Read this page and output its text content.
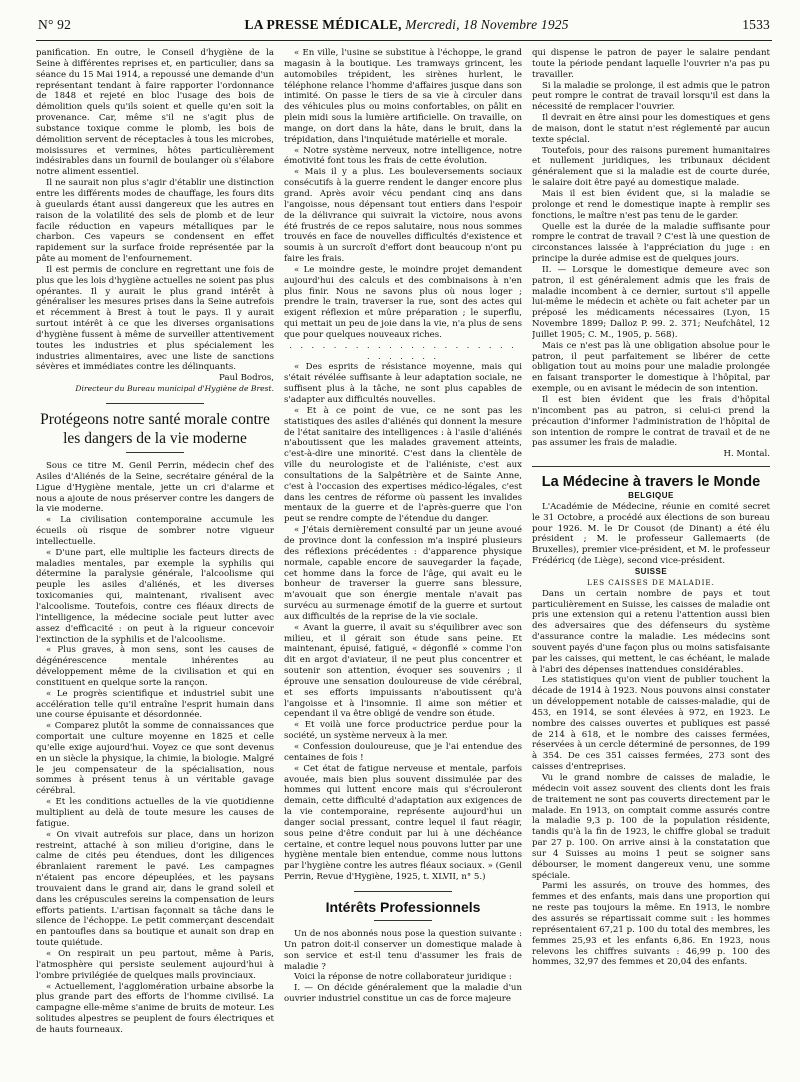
N° 92	LA PRESSE MÉDICALE, Mercredi, 18 Novembre 1925	1533

panification. En outre, le Conseil d'hygiène de la Seine à différentes reprises et, en particulier, dans sa séance du 15 Mai 1914, a repoussé une demande d'un représentant tendant à faire rapporter l'ordonnance de 1848 et rejeté en bloc l'usage des bois de démolition quels qu'ils soient et quelle qu'en soit la provenance. Car, même s'il ne s'agit plus de substance toxique comme le plomb, les bois de démolition servent de réceptacles à tous les microbes, moisissures et vermines, hôtes particulièrement indésirables dans un fournil de boulanger où s'élabore notre aliment essentiel.

Il ne saurait non plus s'agir d'établir une distinction entre les différents modes de chauffage, les fours dits à gueulards étant aussi dangereux que les autres en raison de la volatilité des sels de plomb et de leur facile réduction en vapeurs métalliques par le charbon. Ces vapeurs se condensent en effet rapidement sur la surface froide représentée par la pâte au moment de l'enfournement.

Il est permis de conclure en regrettant une fois de plus que les lois d'hygiène actuelles ne soient pas plus opérantes. Il y aurait le plus grand intérêt à généraliser les mesures prises dans la Seine autrefois et récemment à Brest à tout le pays. Il y aurait surtout intérêt à ce que les diverses organisations d'hygiène fussent à même de surveiller attentivement toutes les industries et plus spécialement les industries alimentaires, avec une liste de sanctions sévères et immédiates contre les délinquants.

Paul Bodros,

Directeur du Bureau municipal d'Hygiène de Brest.

Protégeons notre santé morale contre les dangers de la vie moderne

Sous ce titre M. Genil Perrin, médecin chef des Asiles d'Aliénés de la Seine, secrétaire général de la Ligue d'Hygiène mentale, jette un cri d'alarme et nous a ajoute de nous préserver contre les dangers de la vie moderne.

« La civilisation contemporaine accumule les écueils où risque de sombrer notre vigueur intellectuelle.

« D'une part, elle multiplie les facteurs directs de maladies mentales, par exemple la syphilis qui détermine la paralysie générale, l'alcoolisme qui peuple les asiles d'aliénés, et les diverses toxicomanies qui, maintenant, rivalisent avec l'alcoolisme. Toutefois, contre ces fléaux directs de l'intelligence, la médecine sociale peut lutter avec assez d'efficacité : on peut à la rigueur concevoir l'extinction de la syphilis et de l'alcoolisme.

« Plus graves, à mon sens, sont les causes de dégénérescence mentale inhérentes au développement même de la civilisation et qui en constituent en quelque sorte la rançon.

« Le progrès scientifique et industriel subit une accélération telle qu'il entraîne l'esprit humain dans une course épuisante et désordonnée.

« Comparez plutôt la somme de connaissances que comportait une culture moyenne en 1825 et celle qu'elle exige aujourd'hui. Voyez ce que sont devenus en un siècle la physique, la chimie, la biologie. Malgré le jeu compensateur de la spécialisation, nous sommes à présent tenus à un véritable gavage cérébral.

« Et les conditions actuelles de la vie quotidienne multiplient au delà de toute mesure les causes de fatigue.

« On vivait autrefois sur place, dans un horizon restreint, attaché à son milieu d'origine, dans le calme de cités peu étendues, dont les diligences ébranlaient rarement le pavé. Les campagnes n'étaient pas encore dépeuplées, et les paysans trouvaient dans le grand air, dans le grand soleil et dans les crépuscules sereins la compensation de leurs efforts patients. L'artisan façonnait sa tâche dans le silence de l'échoppe. Le petit commerçant descendait en pantoufles dans sa boutique et aunait son drap en toute quiétude.

« On respirait un peu partout, même à Paris, l'atmosphère qui persiste seulement aujourd'hui à l'ombre privilégiée de quelques mails provinciaux.

« Actuellement, l'agglomération urbaine absorbe la plus grande part des efforts de l'homme civilisé. La campagne elle-même s'anime de bruits de moteur. Les solitudes alpestres se peuplent de fours électriques et de hauts fourneaux.

« En ville, l'usine se substitue à l'échoppe, le grand magasin à la boutique. Les tramways grincent, les automobiles trépident, les sirènes hurlent, le téléphone relance l'homme d'affaires jusque dans son intimité. On passe le tiers de sa vie à circuler dans des véhicules plus ou moins confortables, on pâlit en plein midi sous la lumière artificielle. On travaille, on mange, on dort dans la hâte, dans le bruit, dans la trépidation, dans l'inquiétude matérielle et morale.

« Notre système nerveux, notre intelligence, notre émotivité font tous les frais de cette évolution.

« Mais il y a plus. Les bouleversements sociaux consécutifs à la guerre rendent le danger encore plus grand. Après avoir vécu pendant cinq ans dans l'angoisse, nous dépensant tout entiers dans l'espoir de la délivrance qui suivrait la victoire, nous avons été frustrés de ce repos salutaire, nous nous sommes trouvés en face de nouvelles difficultés d'existence et soumis à un surcroît d'effort dont beaucoup n'ont pu faire les frais.

« Le moindre geste, le moindre projet demandent aujourd'hui des calculs et des combinaisons à n'en plus finir. Nous ne savons plus où nous loger ; prendre le train, traverser la rue, sont des actes qui exigent réflexion et mûre préparation ; le superflu, qui mettait un peu de joie dans la vie, n'a plus de sens que pour quelques nouveaux riches.

. . . . . . . . . . . . . . . . . . . . . . . . . . . .

« Des esprits de résistance moyenne, mais qui s'était révélée suffisante à leur adaptation sociale, ne suffisent plus à la tâche, ne sont plus capables de s'adapter aux difficultés nouvelles.

« Et à ce point de vue, ce ne sont pas les statistiques des asiles d'aliénés qui donnent la mesure de l'état sanitaire des intelligences : à l'asile d'aliénés n'aboutissent que les malades gravement atteints, c'est-à-dire une minorité. C'est dans la clientèle de ville du neurologiste et de l'aliéniste, c'est aux consultations de la Salpêtrière et de Sainte Anne, c'est à l'occasion des expertises médico-légales, c'est dans les centres de réforme où passent les invalides mentaux de la guerre et de l'après-guerre que l'on peut se rendre compte de l'étendue du danger.

« J'étais dernièrement consulté par un jeune avoué de province dont la confession m'a inspiré plusieurs des réflexions précédentes : d'apparence physique normale, capable encore de sauvegarder la façade, cet homme dans la force de l'âge, qui avait eu le bonheur de traverser la guerre sans blessure, m'avouait que son énergie mentale n'avait pas survécu au surmenage émotif de la guerre et surtout aux difficultés de la reprise de la vie sociale.

« Avant la guerre, il avait su s'équilibrer avec son milieu, et il gérait son étude sans peine. Et maintenant, épuisé, fatigué, « dégonflé » comme l'on dit en argot d'aviateur, il ne peut plus concentrer et soutenir son attention, évoquer ses souvenirs ; il éprouve une sensation douloureuse de vide cérébral, et ses efforts impuissants n'aboutissent qu'à l'angoisse et à l'insomnie. Il aime son métier et cependant il va être obligé de vendre son étude.

« Et voilà une force productrice perdue pour la société, un système nerveux à la mer.

« Confession douloureuse, que je l'ai entendue des centaines de fois !

« Cet état de fatigue nerveuse et mentale, parfois avouée, mais bien plus souvent dissimulée par des hommes qui luttent encore mais qui s'écrouleront demain, cette difficulté d'adaptation aux exigences de la vie contemporaine, représente aujourd'hui un danger social pressant, contre lequel il faut réagir, sous peine d'être conduit par lui à une déchéance certaine, et contre lequel nous pouvons lutter par une hygiène mentale bien entendue, comme nous luttons par l'hygiène contre les autres fléaux sociaux. » (Genil Perrin, Revue d'Hygiène, 1925, t. XLVII, n° 5.)

Intérêts Professionnels

Un de nos abonnés nous pose la question suivante : Un patron doit-il conserver un domestique malade à son service et est-il tenu d'assumer les frais de maladie ?

Voici la réponse de notre collaborateur juridique :

I. — On décide généralement que la maladie d'un ouvrier industriel constitue un cas de force majeure

qui dispense le patron de payer le salaire pendant toute la période pendant laquelle l'ouvrier n'a pas pu travailler.

Si la maladie se prolonge, il est admis que le patron peut rompre le contrat de travail lorsqu'il est dans la nécessité de remplacer l'ouvrier.

Il devrait en être ainsi pour les domestiques et gens de maison, dont le statut n'est réglementé par aucun texte spécial.

Toutefois, pour des raisons purement humanitaires et nullement juridiques, les tribunaux décident généralement que si la maladie est de courte durée, le salaire doit être payé au domestique malade.

Mais il est bien évident que, si la maladie se prolonge et rend le domestique inapte à remplir ses fonctions, le maître n'est pas tenu de le garder.

Quelle est la durée de la maladie suffisante pour rompre le contrat de travail ? C'est là une question de circonstances laissée à l'appréciation du juge : en principe la durée admise est de quelques jours.

II. — Lorsque le domestique demeure avec son patron, il est généralement admis que les frais de maladie incombent à ce dernier, surtout s'il appelle lui-même le médecin et achète ou fait acheter par un préposé les médicaments nécessaires (Lyon, 15 Novembre 1899; Dalloz P. 99. 2. 371; Neufchâtel, 12 Juillet 1905; C. M., 1905, p. 568).

Mais ce n'est pas là une obligation absolue pour le patron, il peut parfaitement se libérer de cette obligation tout au moins pour une maladie prolongée en faisant transporter le domestique à l'hôpital, par exemple, ou en avisant le médecin de son intention.

Il est bien évident que les frais d'hôpital n'incombent pas au patron, si celui-ci prend la précaution d'informer l'administration de l'hôpital de son intention de rompre le contrat de travail et de ne pas assumer les frais de maladie.

H. Montal.

La Médecine à travers le Monde

BELGIQUE

L'Académie de Médecine, réunie en comité secret le 31 Octobre, a procédé aux élections de son bureau pour 1926. M. le Dr Cousot (de Dinant) a été élu président ; M. le professeur Gallemaerts (de Bruxelles), premier vice-président, et M. le professeur Frédéricq (de Liège), second vice-président.

SUISSE

LES CAISSES DE MALADIE.

Dans un certain nombre de pays et tout particulièrement en Suisse, les caisses de maladie ont pris une extension qui a retenu l'attention aussi bien des adversaires que des défenseurs du système d'assurance contre la maladie. Les médecins sont souvent payés d'une façon plus ou moins satisfaisante par les caisses, qui mettent, le cas échéant, le malade à l'abri des dépenses inattendues considérables.

Les statistiques qu'on vient de publier touchent la décade de 1914 à 1923. Nous pouvons ainsi constater un développement notable de caisses-maladie, qui de 453, en 1914, se sont élevées à 972, en 1923. Le nombre des caisses ouvertes et publiques est passé de 214 à 618, et le nombre des caisses fermées, réservées à un cercle déterminé de personnes, de 199 à 354. De ces 351 caisses fermées, 273 sont des caisses d'entreprises.

Vu le grand nombre de caisses de maladie, le médecin voit assez souvent des clients dont les frais de traitement ne sont pas couverts directement par le malade. En 1913, on comptait comme assurés contre la maladie 9,3 p. 100 de la population résidente, tandis qu'à la fin de 1923, le chiffre global se traduit par 27 p. 100. On arrive ainsi à la constatation que sur 4 Suisses au moins 1 peut se soigner sans débourser, le moment dangereux venu, une somme spéciale.

Parmi les assurés, on trouve des hommes, des femmes et des enfants, mais dans une proportion qui ne reste pas toujours la même. En 1913, le nombre des assurés se répartissait comme suit : les hommes représentaient 67,21 p. 100 du total des membres, les femmes 25,93 et les enfants 6,86. En 1923, nous relevons les chiffres suivants : 46,99 p. 100 des hommes, 32,97 des femmes et 20,04 des enfants.
